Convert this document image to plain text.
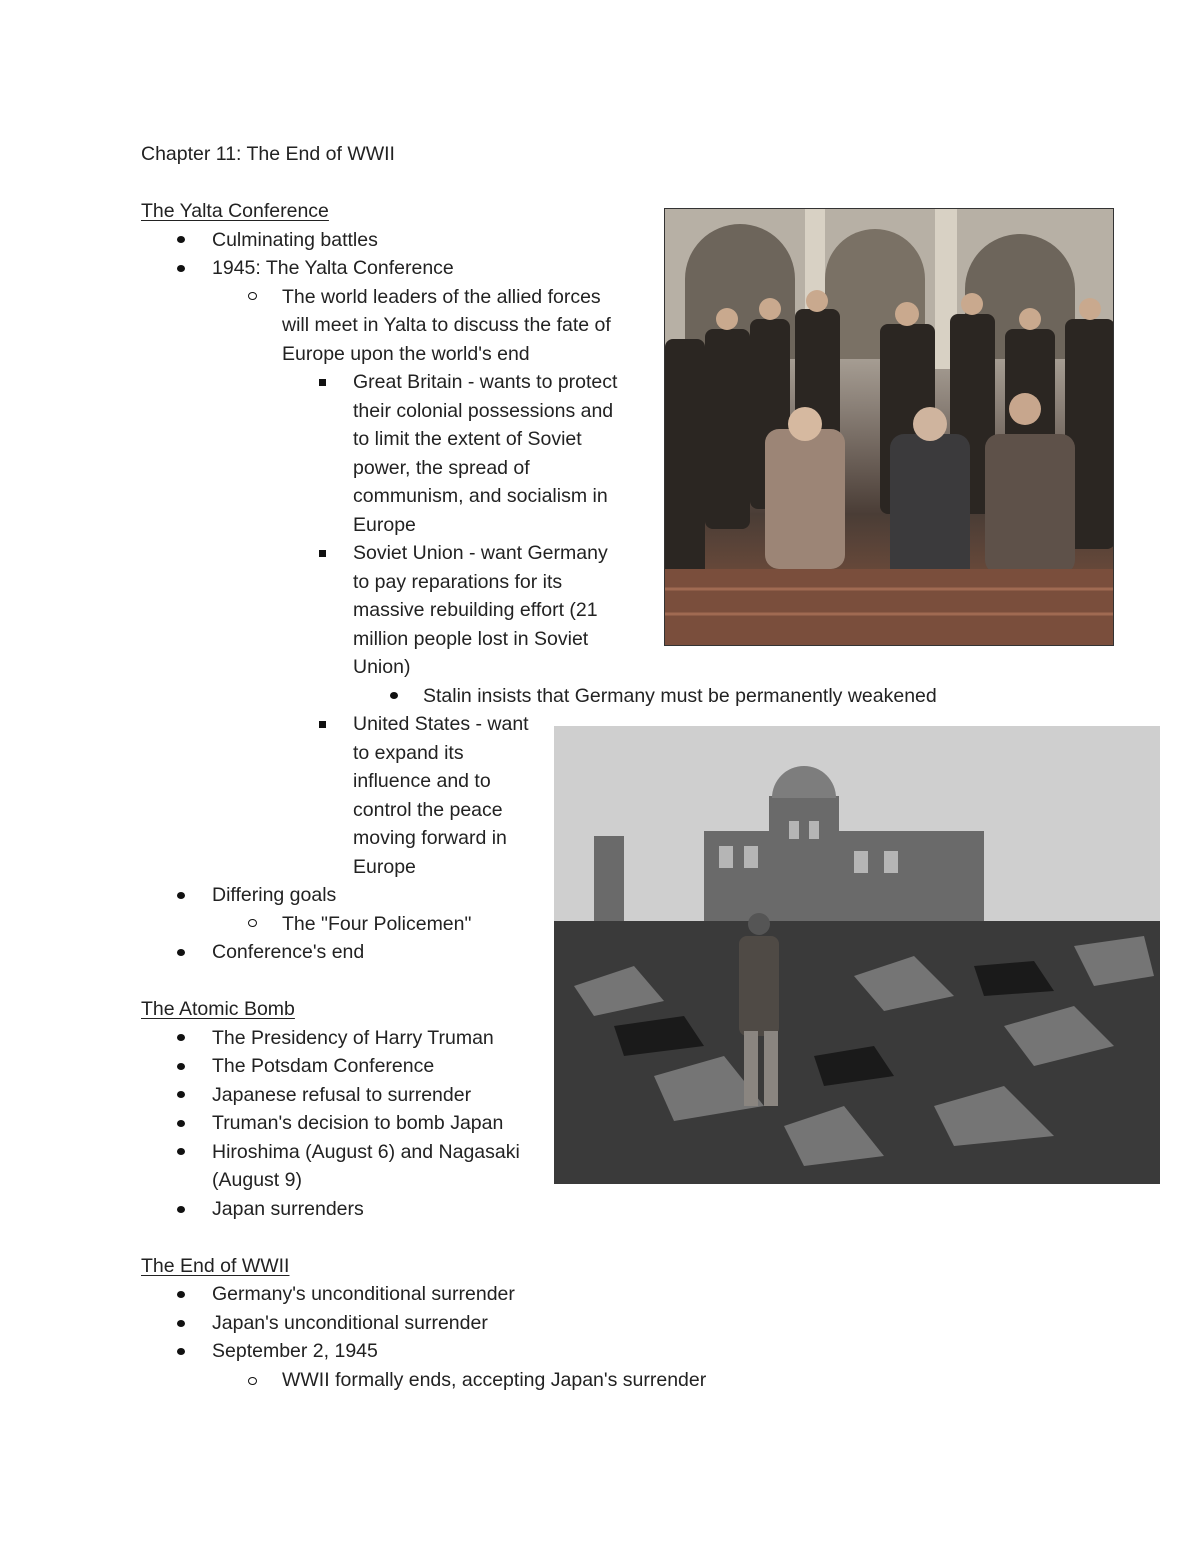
Chapter 11: The End of WWII
The Yalta Conference
Culminating battles
1945: The Yalta Conference
The world leaders of the allied forces
will meet in Yalta to discuss the fate of
Europe upon the world's end
Great Britain - wants to protect
their colonial possessions and
to limit the extent of Soviet
power, the spread of
communism, and socialism in
Europe
Soviet Union - want Germany
to pay reparations for its
massive rebuilding effort (21
million people lost in Soviet
Union)
Stalin insists that Germany must be permanently weakened
United States - want
to expand its
influence and to
control the peace
moving forward in
Europe
Differing goals
The "Four Policemen"
Conference's end
The Atomic Bomb
The Presidency of Harry Truman
The Potsdam Conference
Japanese refusal to surrender
Truman's decision to bomb Japan
Hiroshima (August 6) and Nagasaki
(August 9)
Japan surrenders
The End of WWII
Germany's unconditional surrender
Japan's unconditional surrender
September 2, 1945
WWII formally ends, accepting Japan's surrender
